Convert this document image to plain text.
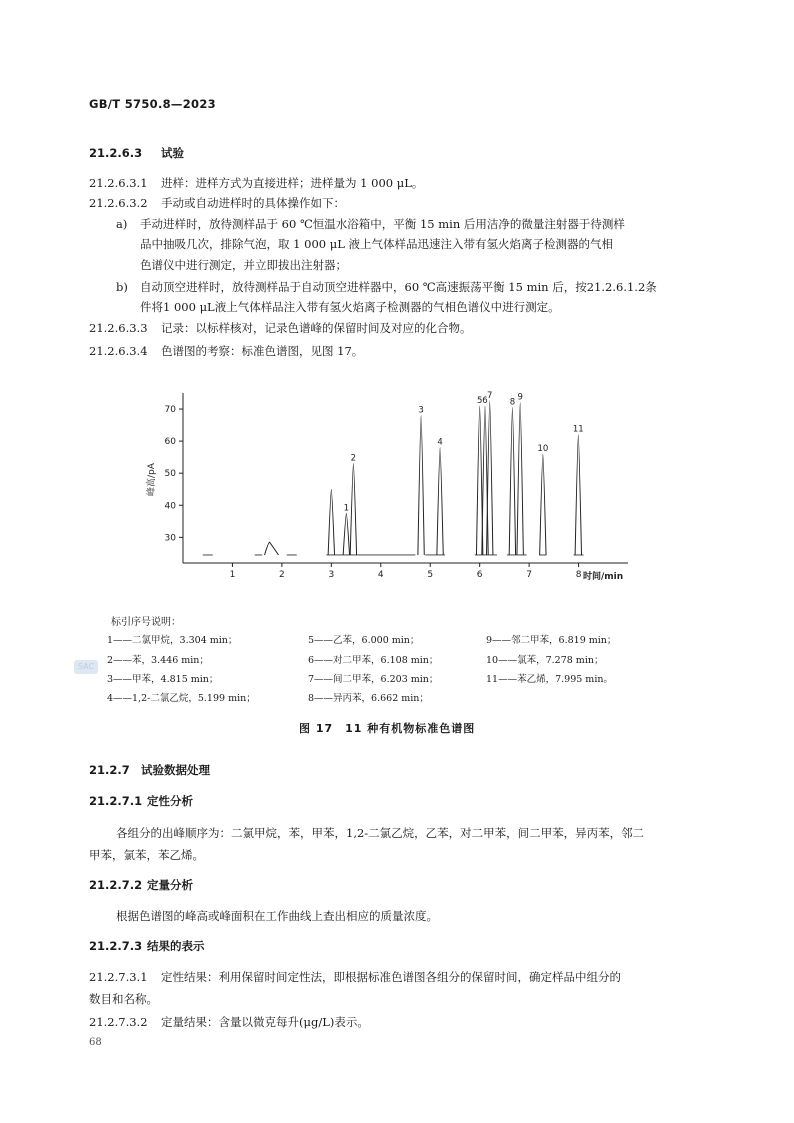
GB/T 5750.8—2023
21.2.6.3 试验
21.2.6.3.1 进样：进样方式为直接进样；进样量为 1 000 μL。
21.2.6.3.2 手动或自动进样时的具体操作如下：
a) 手动进样时，放待测样品于 60 ℃恒温水浴箱中，平衡 15 min 后用洁净的微量注射器于待测样
品中抽吸几次，排除气泡，取 1 000 μL 液上气体样品迅速注入带有氢火焰离子检测器的气相
色谱仪中进行测定，并立即拔出注射器；
b) 自动顶空进样时，放待测样品于自动顶空进样器中，60 ℃高速振荡平衡 15 min 后，按21.2.6.1.2条
件将1 000 μL液上气体样品注入带有氢火焰离子检测器的气相色谱仪中进行测定。
21.2.6.3.3 记录：以标样核对，记录色谱峰的保留时间及对应的化合物。
21.2.6.3.4 色谱图的考察：标准色谱图，见图 17。
30
40
50
60
70
1	2	3	4	5	6	7	8
1
2
3
4
5 6 7
8 9
10
11
峰高/pA
时间/min
标引序号说明：
1——二氯甲烷，3.304 min；
2——苯，3.446 min；
3——甲苯，4.815 min；
4——1,2-二氯乙烷，5.199 min；
5——乙苯，6.000 min；
6——对二甲苯，6.108 min；
7——间二甲苯，6.203 min；
8——异丙苯，6.662 min；
9——邻二甲苯，6.819 min；
10——氯苯，7.278 min；
11——苯乙烯，7.995 min。
SAC
图 17　11 种有机物标准色谱图
21.2.7 试验数据处理
21.2.7.1 定性分析
各组分的出峰顺序为：二氯甲烷，苯，甲苯，1,2-二氯乙烷，乙苯，对二甲苯，间二甲苯，异丙苯，邻二
甲苯，氯苯，苯乙烯。
21.2.7.2 定量分析
根据色谱图的峰高或峰面积在工作曲线上查出相应的质量浓度。
21.2.7.3 结果的表示
21.2.7.3.1 定性结果：利用保留时间定性法，即根据标准色谱图各组分的保留时间，确定样品中组分的
数目和名称。
21.2.7.3.2 定量结果：含量以微克每升(μg/L)表示。
68
